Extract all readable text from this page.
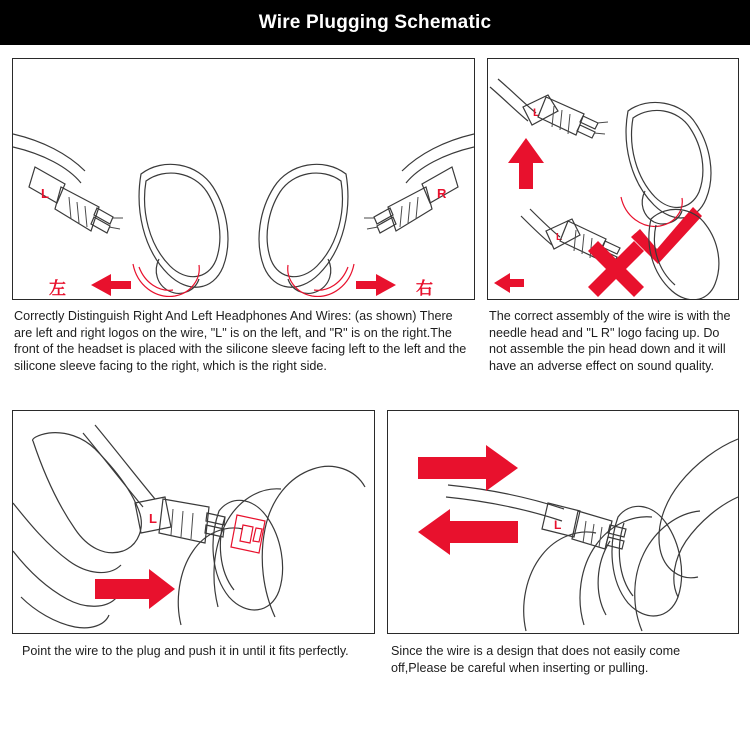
Wire Plugging Schematic
L	R
左	右
Correctly Distinguish Right And Left Headphones And Wires: (as shown) There are left and right logos on the wire, "L" is on the left, and "R" is on the right.The front of the headset is placed with the silicone sleeve facing left to the left and the silicone sleeve facing to the right, which is the right side.
L
L
The correct assembly of the wire is with the needle head and "L R" logo facing up. Do not assemble the pin head down and it will have an adverse effect on sound quality.
L
Point the wire to the plug and push it in until it fits perfectly.
L
Since the wire is a design that does not easily come off,Please be careful when inserting or pulling.
